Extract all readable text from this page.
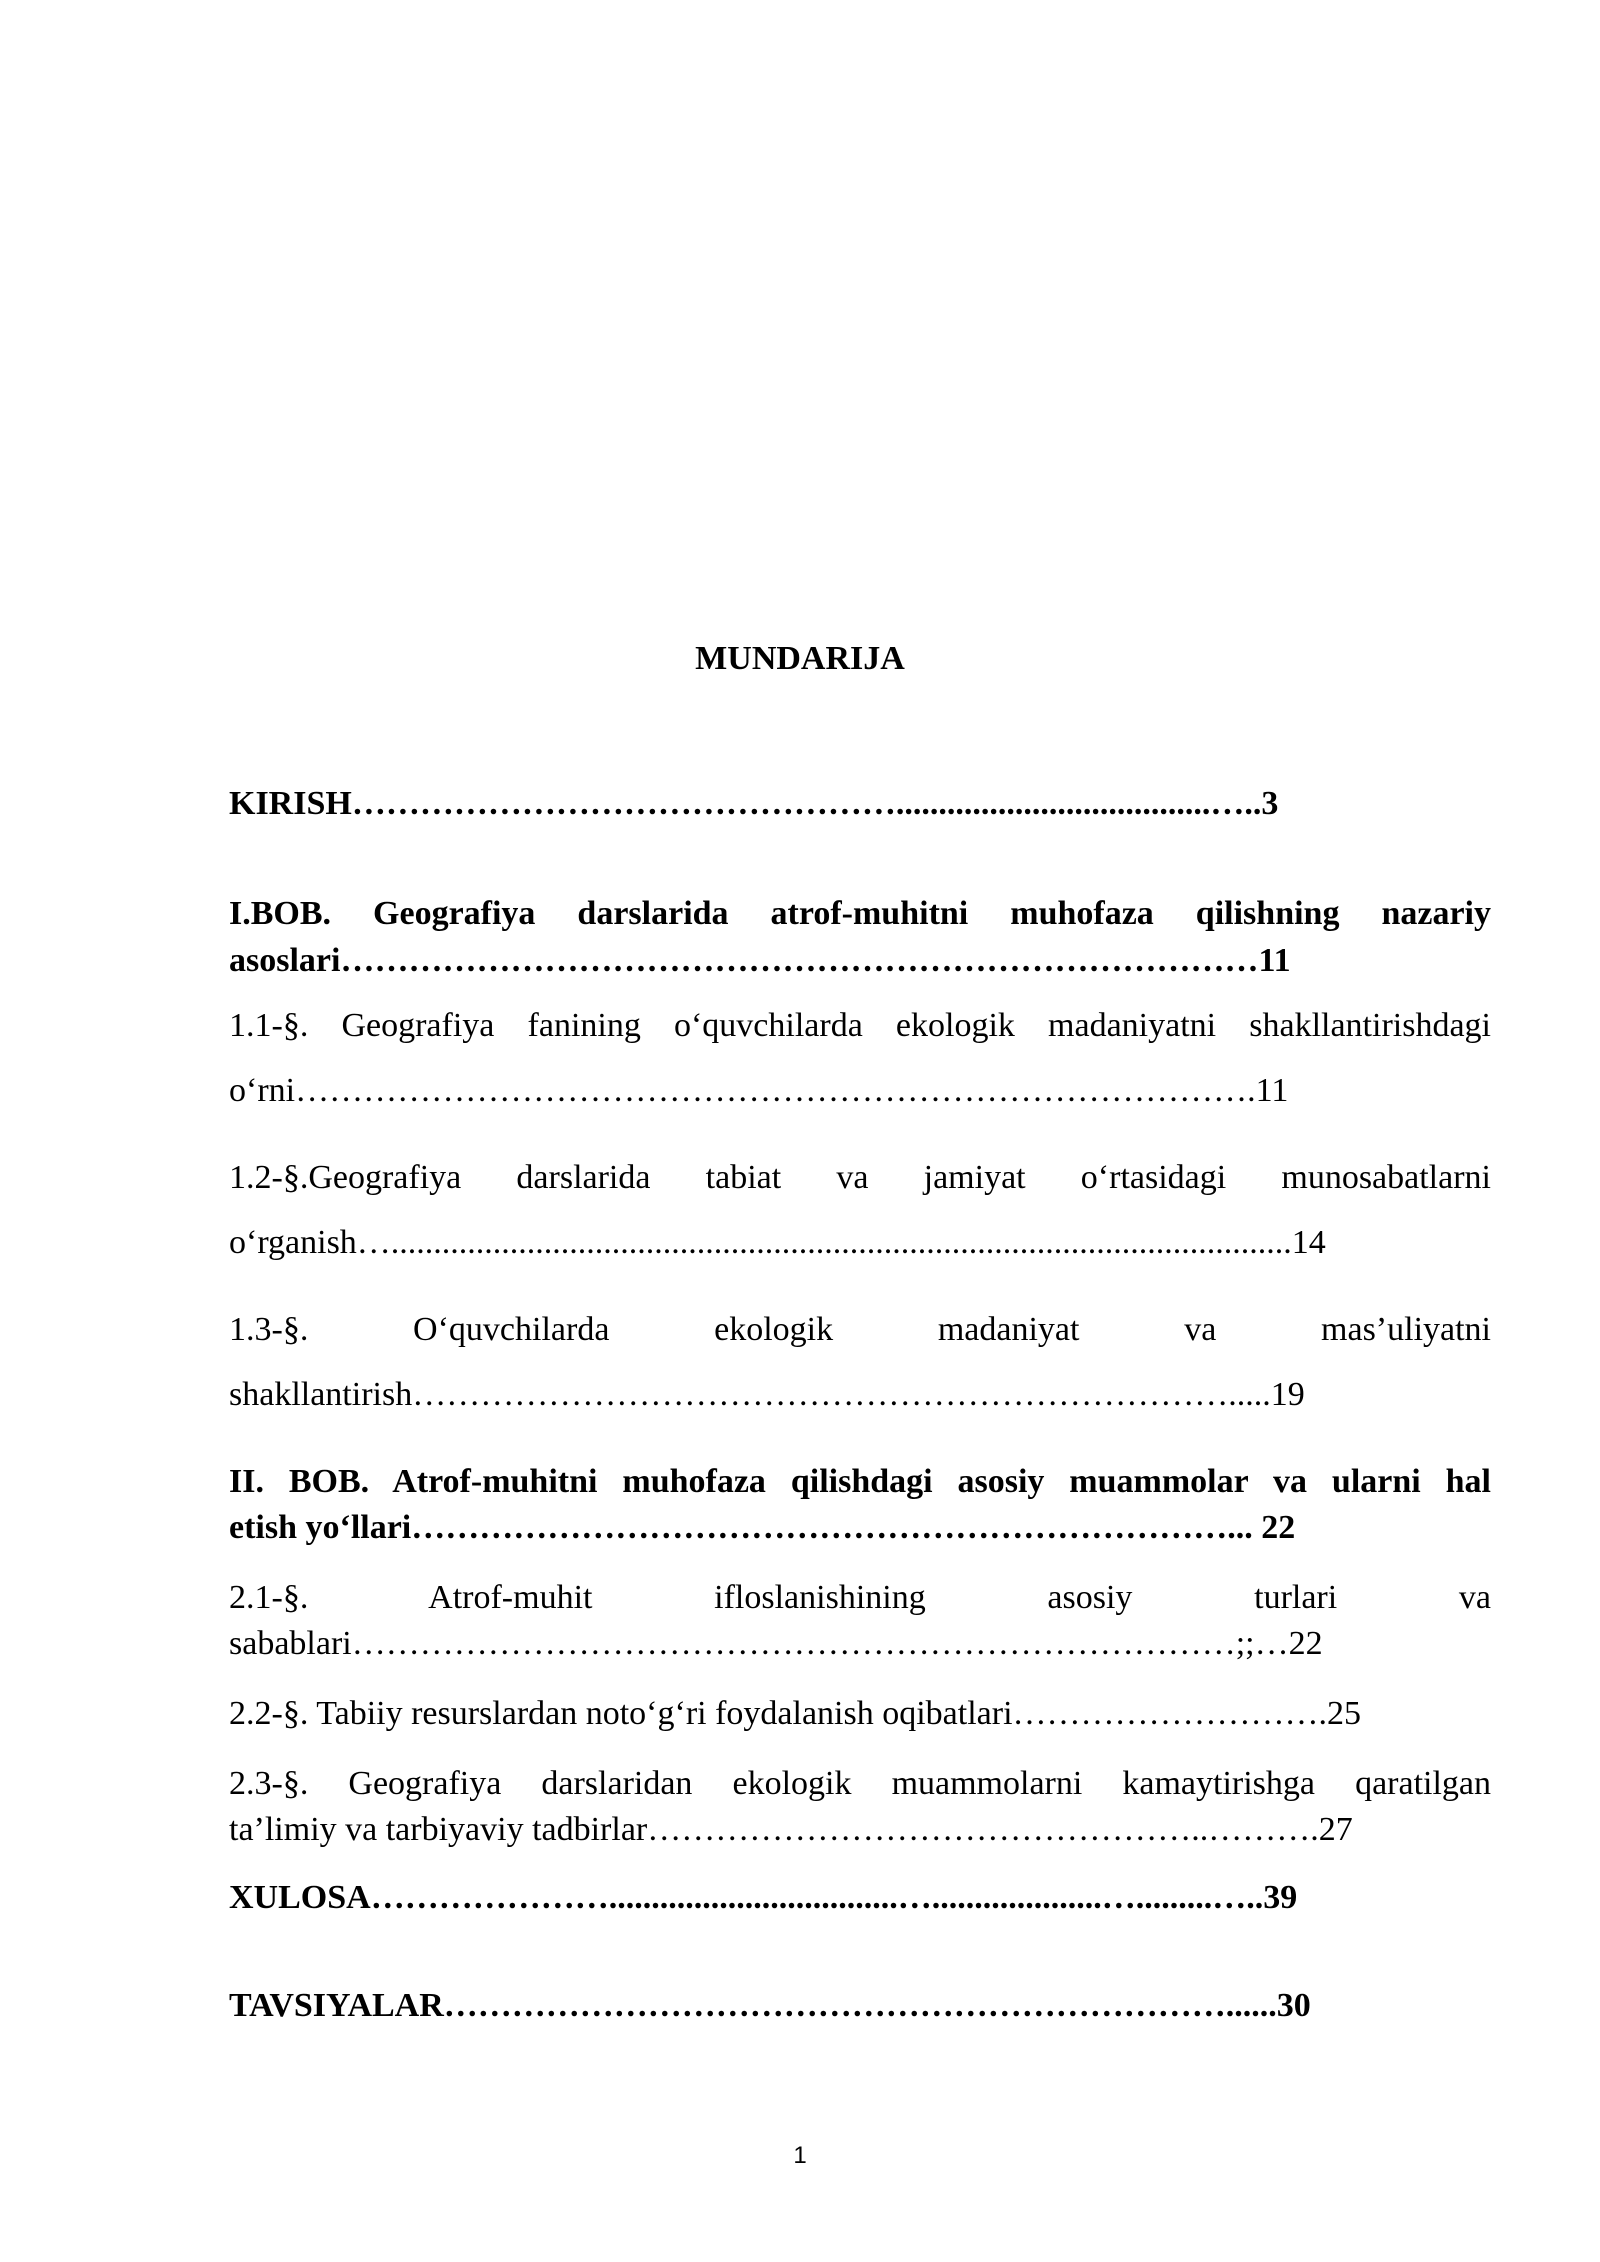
MUNDARIJA
KIRISH………………………………………….....................................…..3
I.BOB. Geografiya darslarida atrof-muhitni muhofaza qilishning nazariy
asoslari………………………………………………………………………11
1.1-§. Geografiya fanining o‘quvchilarda ekologik madaniyatni shakllantirishdagi
o‘rni………………………………………………………………………….11
1.2-§.Geografiya darslarida tabiat va jamiyat o‘rtasidagi munosabatlarni
o‘rganish…..........................................................................................................14
1.3-§. O‘quvchilarda ekologik madaniyat va mas’uliyatni
shakllantirish……………………………………………………………….....19
II. BOB. Atrof-muhitni muhofaza qilishdagi asosiy muammolar va ularni hal
etish yo‘llari………………………………………………………………... 22
2.1-§. Atrof-muhit ifloslanishining asosiy turlari va
sabablari……………………………………………………………………;;…22
2.2-§. Tabiiy resurslardan noto‘g‘ri foydalanish oqibatlari……………………….25
2.3-§. Geografiya darslaridan ekologik muammolarni kamaytirishga qaratilgan
ta’limiy va tarbiyaviy tadbirlar…………………………………………..……….27
XULOSA…………………..................................…....................….........…..39
TAVSIYALAR……………………………………………………………......30
1
